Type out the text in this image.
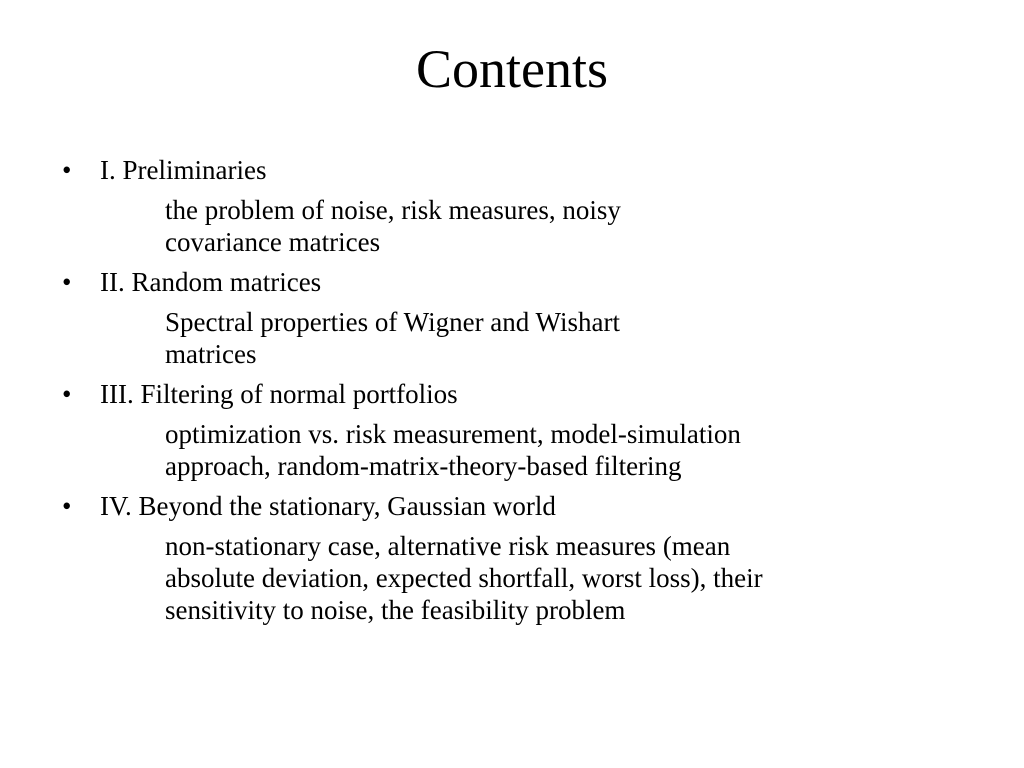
Contents
•	I. Preliminaries
the problem of noise, risk measures, noisy
covariance matrices
•	II. Random matrices
Spectral properties of Wigner and Wishart
matrices
•	III. Filtering of normal portfolios
optimization vs. risk measurement, model-simulation
approach, random-matrix-theory-based filtering
•	IV. Beyond the stationary, Gaussian world
non-stationary case, alternative risk measures (mean
absolute deviation, expected shortfall, worst loss), their
sensitivity to noise, the feasibility problem
